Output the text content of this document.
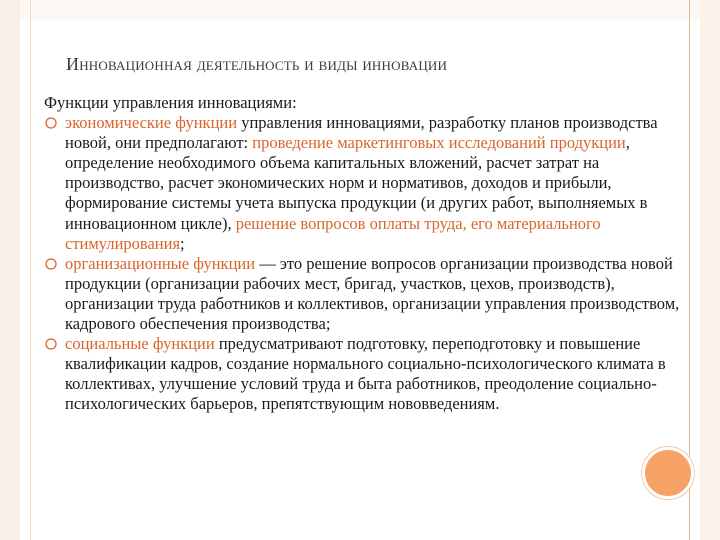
Инновационная деятельность и виды инновации

Функции управления инновациями:

экономические функции управления инновациями, разработку планов производства новой, они предполагают: проведение маркетинговых исследований продукции, определение необходимого объема капитальных вложений, расчет затрат на производство, расчет экономических норм и нормативов, доходов и прибыли, формирование системы учета выпуска продукции (и других работ, выполняемых в инновационном цикле), решение вопросов оплаты труда, его материального стимулирования;
организационные функции — это решение вопросов организации производства новой продукции (организации рабочих мест, бригад, участков, цехов, производств), организации труда работников и коллективов, организации управления производством, кадрового обеспечения производства;
социальные функции предусматривают подготовку, переподготовку и повышение квалификации кадров, создание нормального социально-психологического климата в коллективах, улучшение условий труда и быта работников, преодоление социально-психологических барьеров, препятствующим нововведениям.
